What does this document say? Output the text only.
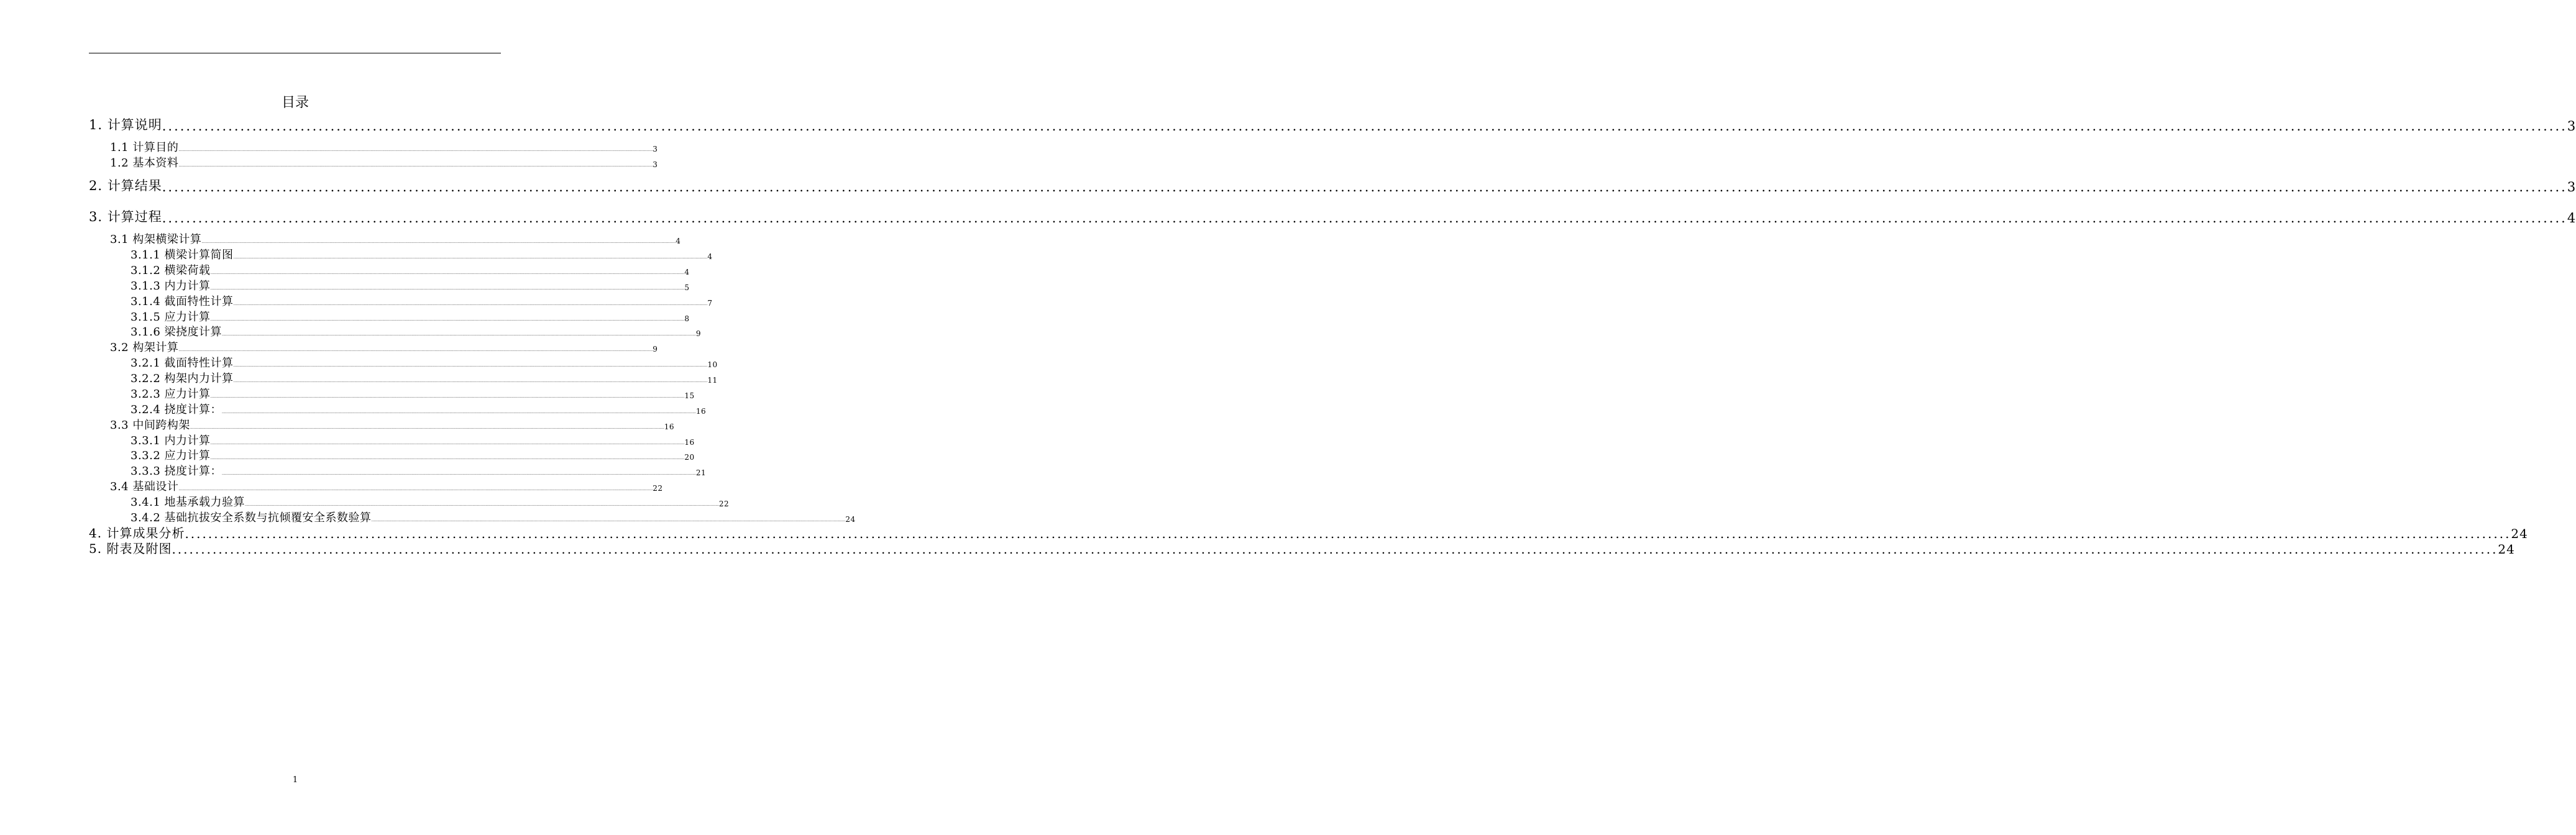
目录
1. 计算说明 ................................................................................................................................................................................................................................................................................................................................................................................................................ 3
1.1 计算目的 ................................................................................................................................................................................................................................................................................................................................................................................................................ 3
1.2 基本资料 ................................................................................................................................................................................................................................................................................................................................................................................................................ 3
2. 计算结果 ................................................................................................................................................................................................................................................................................................................................................................................................................ 3
3. 计算过程 ................................................................................................................................................................................................................................................................................................................................................................................................................ 4
3.1 构架横梁计算 ................................................................................................................................................................................................................................................................................................................................................................................................................ 4
3.1.1 横梁计算简图 ................................................................................................................................................................................................................................................................................................................................................................................................................ 4
3.1.2 横梁荷载 ................................................................................................................................................................................................................................................................................................................................................................................................................ 4
3.1.3 内力计算 ................................................................................................................................................................................................................................................................................................................................................................................................................ 5
3.1.4 截面特性计算 ................................................................................................................................................................................................................................................................................................................................................................................................................ 7
3.1.5 应力计算 ................................................................................................................................................................................................................................................................................................................................................................................................................ 8
3.1.6 梁挠度计算 ................................................................................................................................................................................................................................................................................................................................................................................................................ 9
3.2 构架计算 ................................................................................................................................................................................................................................................................................................................................................................................................................ 9
3.2.1 截面特性计算 ................................................................................................................................................................................................................................................................................................................................................................................................................ 10
3.2.2 构架内力计算 ................................................................................................................................................................................................................................................................................................................................................................................................................ 11
3.2.3 应力计算 ................................................................................................................................................................................................................................................................................................................................................................................................................ 15
3.2.4 挠度计算： ................................................................................................................................................................................................................................................................................................................................................................................................................ 16
3.3 中间跨构架 ................................................................................................................................................................................................................................................................................................................................................................................................................ 16
3.3.1 内力计算 ................................................................................................................................................................................................................................................................................................................................................................................................................ 16
3.3.2 应力计算 ................................................................................................................................................................................................................................................................................................................................................................................................................ 20
3.3.3 挠度计算： ................................................................................................................................................................................................................................................................................................................................................................................................................ 21
3.4 基础设计 ................................................................................................................................................................................................................................................................................................................................................................................................................ 22
3.4.1 地基承载力验算 ................................................................................................................................................................................................................................................................................................................................................................................................................ 22
3.4.2 基础抗拔安全系数与抗倾覆安全系数验算 ................................................................................................................................................................................................................................................................................................................................................................................................................ 24
4. 计算成果分析 ................................................................................................................................................................................................................................................................................................................................................................................................................ 24
5. 附表及附图 ................................................................................................................................................................................................................................................................................................................................................................................................................ 24
1
